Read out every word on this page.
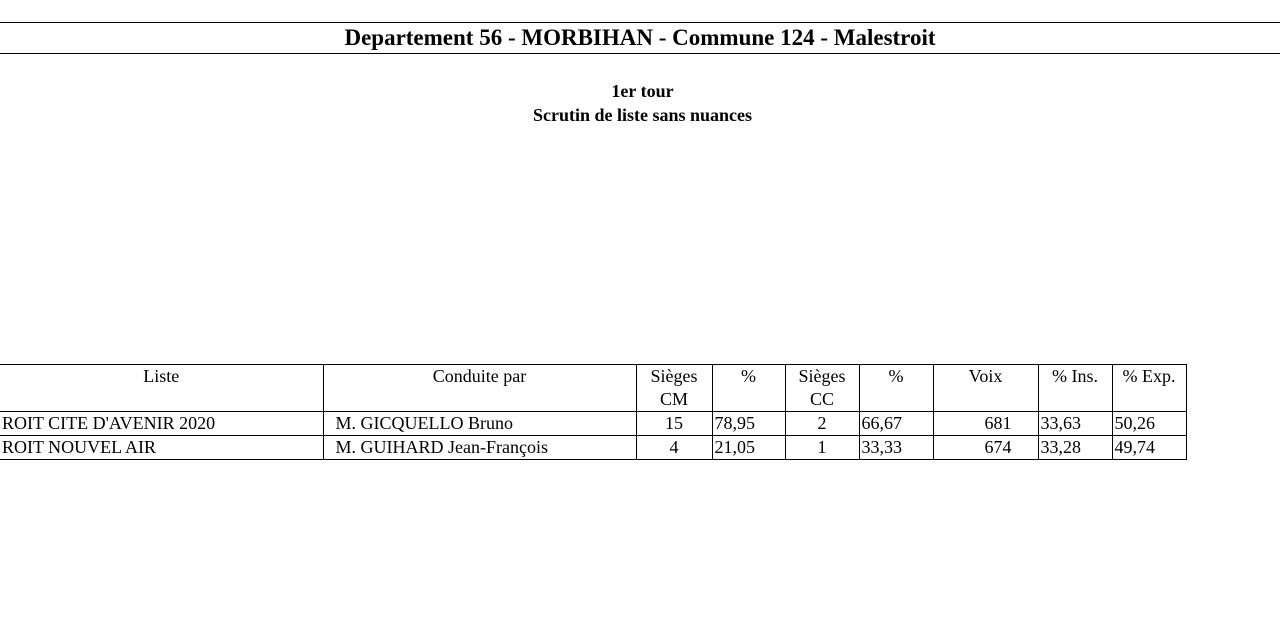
Departement 56 - MORBIHAN - Commune 124 - Malestroit
1er tour
Scrutin de liste sans nuances
Liste	Conduite par	Sièges	%	Sièges	%	Voix	% Ins.	% Exp.
		CM		CC				
ROIT CITE D'AVENIR 2020	M. GICQUELLO Bruno	15	78,95	2	66,67	681	33,63	50,26
ROIT NOUVEL AIR	M. GUIHARD Jean-François	4	21,05	1	33,33	674	33,28	49,74
